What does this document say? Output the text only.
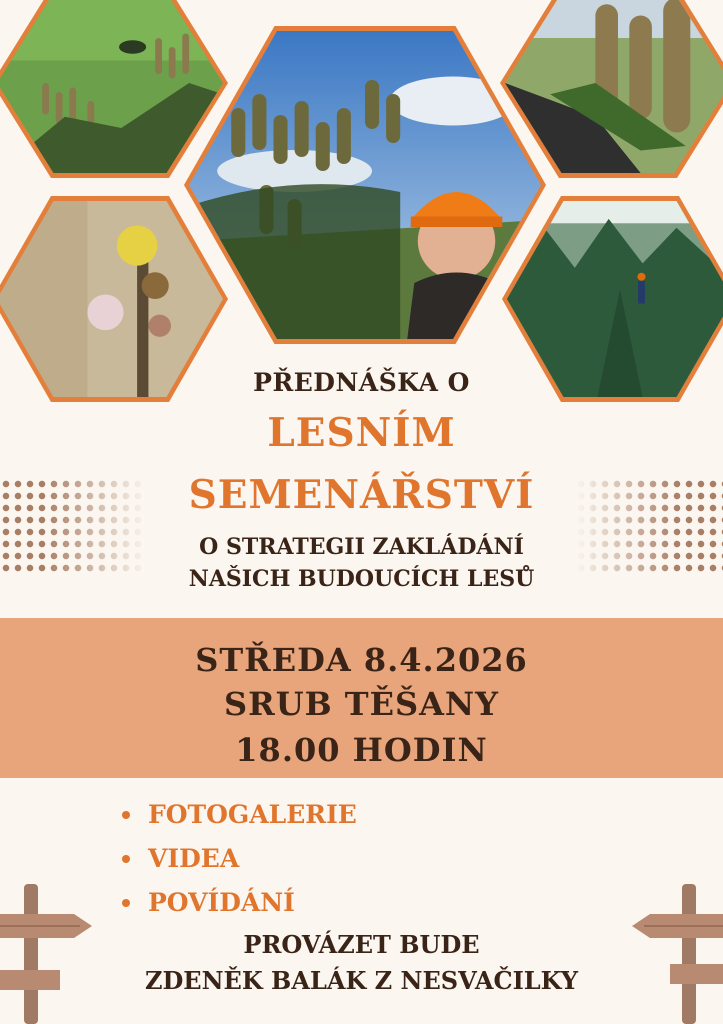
PŘEDNÁŠKA O
LESNÍM
SEMENÁŘSTVÍ
O STRATEGII ZAKLÁDÁNÍ
NAŠICH BUDOUCÍCH LESŮ
STŘEDA 8.4.2026
SRUB TĚŠANY
18.00 HODIN
FOTOGALERIE
VIDEA
POVÍDÁNÍ
PROVÁZET BUDE
ZDENĚK BALÁK Z NESVAČILKY
